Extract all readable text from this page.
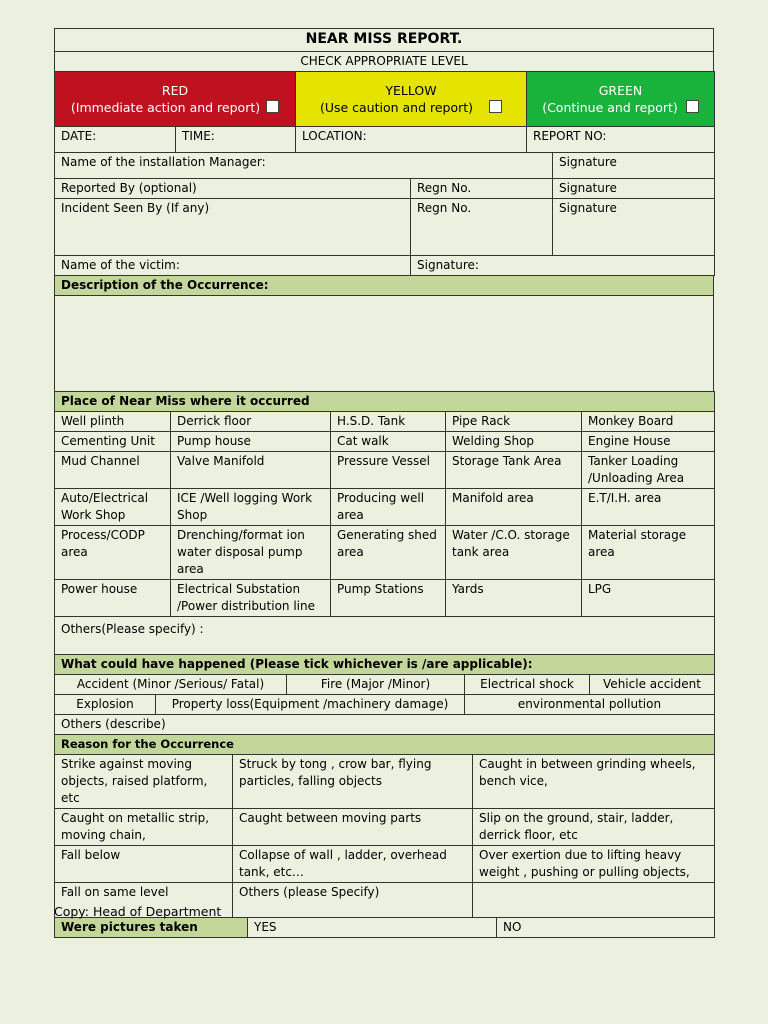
NEAR MISS REPORT.
CHECK APPROPRIATE LEVEL
RED
(Immediate action and report)

YELLOW
(Use caution and report)

GREEN
(Continue and report)
DATE:	TIME:	LOCATION:	REPORT NO:
Name of the installation Manager:		Signature
Reported By (optional)	Regn No.	Signature
Incident Seen By (If any)	Regn No.	Signature
Name of the victim:	Signature:	
Description of the Occurrence:

Place of Near Miss where it occurred				
Well plinth	Derrick floor	H.S.D. Tank	Pipe Rack	Monkey Board
Cementing Unit	Pump house	Cat walk	Welding Shop	Engine House
Mud Channel	Valve Manifold	Pressure Vessel	Storage Tank Area	Tanker Loading /Unloading Area
Auto/Electrical Work Shop	ICE /Well logging Work Shop	Producing well area	Manifold area	E.T/I.H. area
Process/CODP area	Drenching/format ion water disposal pump area	Generating shed area	Water /C.O. storage tank area	Material storage area
Power house	Electrical Substation /Power distribution line	Pump Stations	Yards	LPG
Others(Please specify) :				
What could have happened (Please tick whichever is /are applicable):
Accident (Minor /Serious/ Fatal)	Fire (Major /Minor)	Electrical shock	Vehicle accident
Explosion	Property loss(Equipment /machinery damage)	environmental pollution
Others (describe)
Reason for the Occurrence		
Strike against moving objects, raised platform, etc	Struck by tong , crow bar, flying particles, falling objects	Caught in between grinding wheels, bench vice,
Caught on metallic strip, moving chain,	Caught between moving parts	Slip on the ground, stair, ladder, derrick floor, etc
Fall below	Collapse of wall , ladder, overhead tank, etc…	Over exertion due to lifting heavy weight , pushing or pulling objects,
Fall on same level	Others (please Specify)	
Were pictures taken	YES	NO
Copy: Head of Department
